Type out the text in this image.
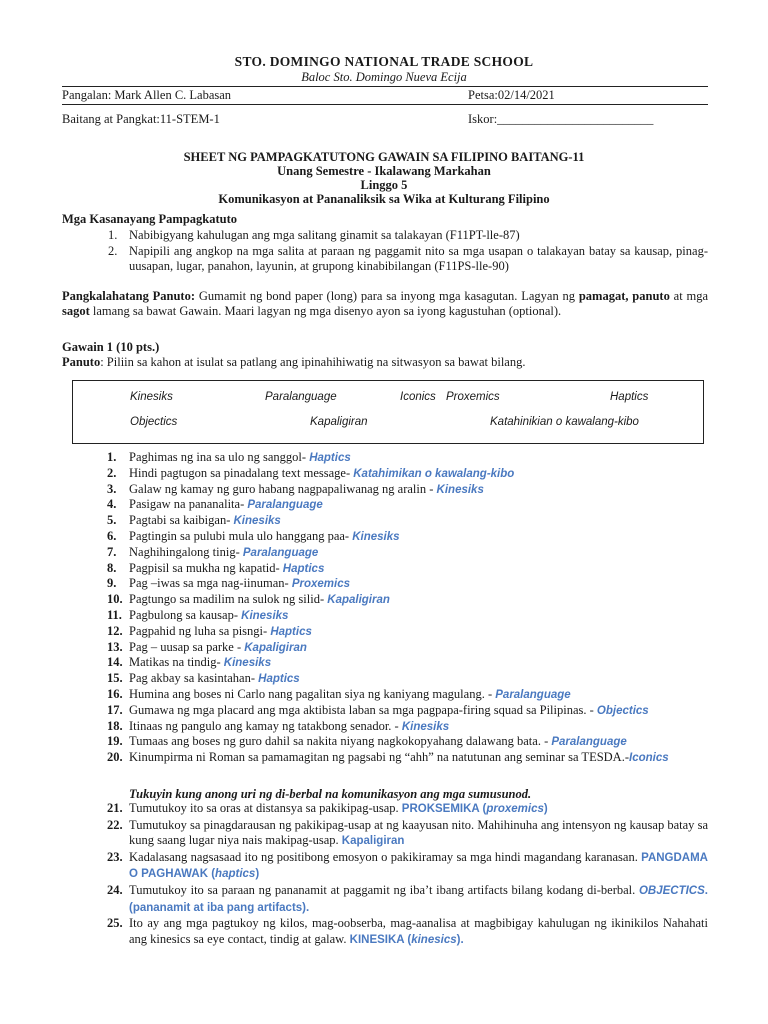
STO. DOMINGO NATIONAL TRADE SCHOOL
Baloc Sto. Domingo Nueva Ecija
Pangalan: Mark Allen C. Labasan	Petsa:02/14/2021
Baitang at Pangkat:11-STEM-1	Iskor:_________________________
SHEET NG PAMPAGKATUTONG GAWAIN SA FILIPINO BAITANG-11
Unang Semestre - Ikalawang Markahan
Linggo 5
Komunikasyon at Pananaliksik sa Wika at Kulturang Filipino
Mga Kasanayang Pampagkatuto
1. Nabibigyang kahulugan ang mga salitang ginamit sa talakayan (F11PT-lle-87)
2. Napipili ang angkop na mga salita at paraan ng paggamit nito sa mga usapan o talakayan batay sa kausap, pinag-uusapan, lugar, panahon, layunin, at grupong kinabibilangan (F11PS-lle-90)
Pangkalahatang Panuto: Gumamit ng bond paper (long) para sa inyong mga kasagutan. Lagyan ng pamagat, panuto at mga sagot lamang sa bawat Gawain. Maari lagyan ng mga disenyo ayon sa iyong kagustuhan (optional).
Gawain 1 (10 pts.)
Panuto: Piliin sa kahon at isulat sa patlang ang ipinahihiwatig na sitwasyon sa bawat bilang.
Kinesiks	Paralanguage	Iconics Proxemics	Haptics
Objectics	Kapaligiran	Katahinikian o kawalang-kibo
1.	Paghimas ng ina sa ulo ng sanggol- Haptics
2.	Hindi pagtugon sa pinadalang text message- Katahimikan o kawalang-kibo
3.	Galaw ng kamay ng guro habang nagpapaliwanag ng aralin - Kinesiks
4.	Pasigaw na pananalita- Paralanguage
5.	Pagtabi sa kaibigan- Kinesiks
6.	Pagtingin sa pulubi mula ulo hanggang paa- Kinesiks
7.	Naghihingalong tinig- Paralanguage
8.	Pagpisil sa mukha ng kapatid- Haptics
9.	Pag –iwas sa mga nag-iinuman- Proxemics
10. Pagtungo sa madilim na sulok ng silid- Kapaligiran
11. Pagbulong sa kausap- Kinesiks
12. Pagpahid ng luha sa pisngi- Haptics
13. Pag – uusap sa parke - Kapaligiran
14. Matikas na tindig- Kinesiks
15. Pag akbay sa kasintahan- Haptics
16. Humina ang boses ni Carlo nang pagalitan siya ng kaniyang magulang. - Paralanguage
17. Gumawa ng mga placard ang mga aktibista laban sa mga pagpapa-firing squad sa Pilipinas. - Objectics
18. Itinaas ng pangulo ang kamay ng tatakbong senador. - Kinesiks
19. Tumaas ang boses ng guro dahil sa nakita niyang nagkokopyahang dalawang bata. - Paralanguage
20. Kinumpirma ni Roman sa pamamagitan ng pagsabi ng “ahh” na natutunan ang seminar sa TESDA.-Iconics
Tukuyin kung anong uri ng di-berbal na komunikasyon ang mga sumusunod.
21. Tumutukoy ito sa oras at distansya sa pakikipag-usap. PROKSEMIKA (proxemics)
22. Tumutukoy sa pinagdarausan ng pakikipag-usap at ng kaayusan nito. Mahihinuha ang intensyon ng kausap batay sa kung saang lugar niya nais makipag-usap. Kapaligiran
23. Kadalasang nagsasaad ito ng positibong emosyon o pakikiramay sa mga hindi magandang karanasan. PANGDAMA O PAGHAWAK (haptics)
24. Tumutukoy ito sa paraan ng pananamit at paggamit ng iba’t ibang artifacts bilang kodang di-berbal. OBJECTICS. (pananamit at iba pang artifacts).
25. Ito ay ang mga pagtukoy ng kilos, mag-oobserba, mag-aanalisa at magbibigay kahulugan ng ikinikilos Nahahati ang kinesics sa eye contact, tindig at galaw. KINESIKA (kinesics).
